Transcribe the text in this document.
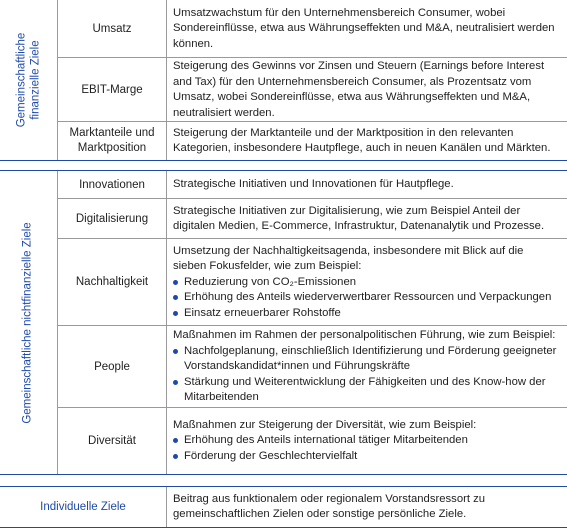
Gemeinschaftliche finanzielle Ziele
Umsatz
Umsatzwachstum für den Unternehmensbereich Consumer, wobei Sondereinflüsse, etwa aus Währungseffekten und M&A, neutralisiert werden können.
EBIT-Marge
Steigerung des Gewinns vor Zinsen und Steuern (Earnings before Interest and Tax) für den Unternehmensbereich Consumer, als Prozentsatz vom Umsatz, wobei Sondereinflüsse, etwa aus Währungseffekten und M&A, neutralisiert werden.
Marktanteile und Marktposition
Steigerung der Marktanteile und der Marktposition in den relevanten Kategorien, insbesondere Hautpflege, auch in neuen Kanälen und Märkten.
Gemeinschaftliche nichtfinanzielle Ziele
Innovationen	Strategische Initiativen und Innovationen für Hautpflege.
Digitalisierung
Strategische Initiativen zur Digitalisierung, wie zum Beispiel Anteil der digitalen Medien, E-Commerce, Infrastruktur, Datenanalytik und Prozesse.
Nachhaltigkeit
Umsetzung der Nachhaltigkeitsagenda, insbesondere mit Blick auf die sieben Fokusfelder, wie zum Beispiel:
Reduzierung von CO₂-Emissionen
Erhöhung des Anteils wiederverwertbarer Ressourcen und Verpackungen
Einsatz erneuerbarer Rohstoffe
People
Maßnahmen im Rahmen der personalpolitischen Führung, wie zum Beispiel:
Nachfolgeplanung, einschließlich Identifizierung und Förderung geeigneter Vorstandskandidat*innen und Führungskräfte
Stärkung und Weiterentwicklung der Fähigkeiten und des Know-how der Mitarbeitenden
Diversität
Maßnahmen zur Steigerung der Diversität, wie zum Beispiel:
Erhöhung des Anteils international tätiger Mitarbeitenden
Förderung der Geschlechtervielfalt
Individuelle Ziele
Beitrag aus funktionalem oder regionalem Vorstandsressort zu gemeinschaftlichen Zielen oder sonstige persönliche Ziele.
